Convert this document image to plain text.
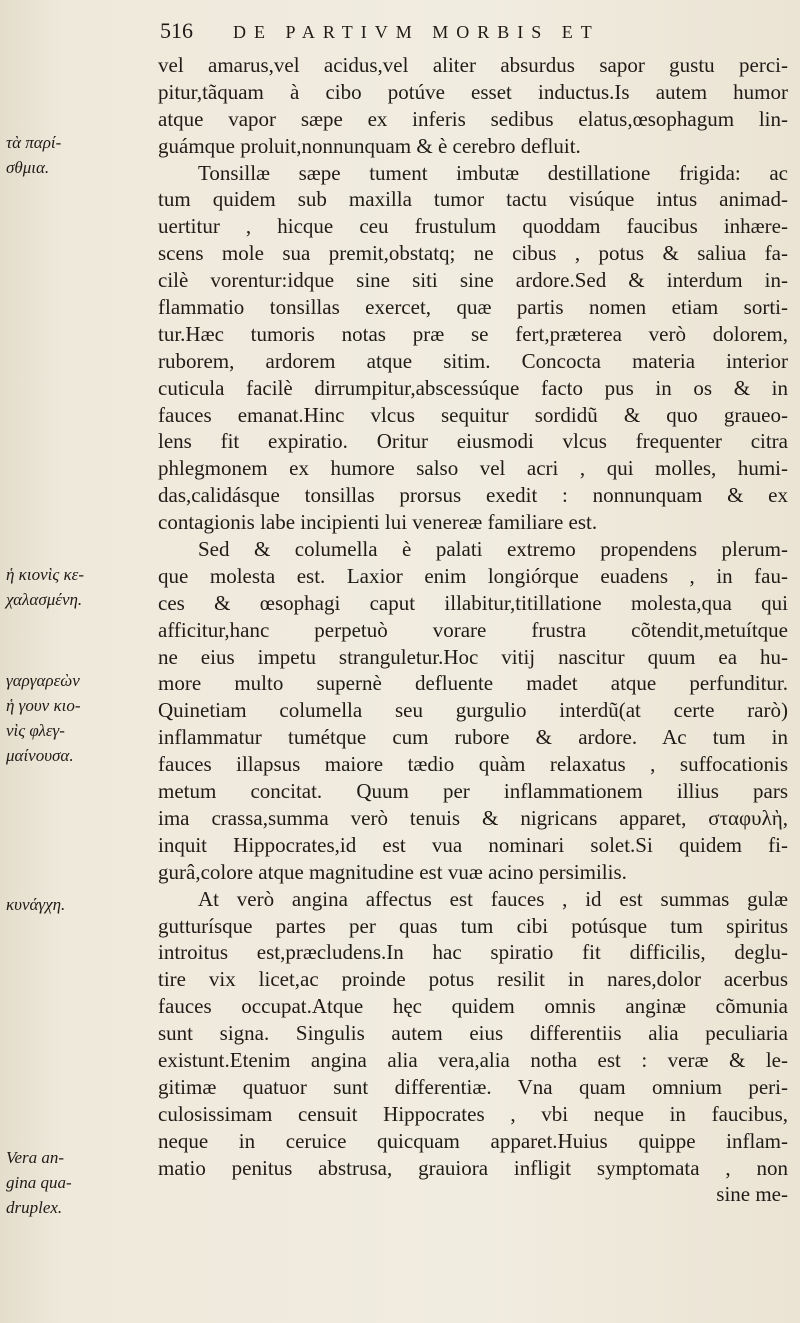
516 DE PARTIVM MORBIS ET
τὰ παρί-
σθμια.
ἡ κιονὶς κε-
χαλασμένη.
γαργαρεὼν
ἡ γουν κιο-
νὶς φλεγ-
μαίνουσα.
κυνάγχη.
Vera an-
gina qua-
druplex.
vel amarus,vel acidus,vel aliter absurdus sapor gustu perci-
pitur,tãquam à cibo potúve esset inductus.Is autem humor
atque vapor sæpe ex inferis sedibus elatus,œsophagum lin-
guámque proluit,nonnunquam & è cerebro defluit.
Tonsillæ sæpe tument imbutæ destillatione frigida: ac
tum quidem sub maxilla tumor tactu visúque intus animad-
uertitur , hicque ceu frustulum quoddam faucibus inhære-
scens mole sua premit,obstatq; ne cibus , potus & saliua fa-
cilè vorentur:idque sine siti sine ardore.Sed & interdum in-
flammatio tonsillas exercet, quæ partis nomen etiam sorti-
tur.Hæc tumoris notas præ se fert,præterea verò dolorem,
ruborem, ardorem atque sitim. Concocta materia interior
cuticula facilè dirrumpitur,abscessúque facto pus in os & in
fauces emanat.Hinc vlcus sequitur sordidũ & quo graueo-
lens fit expiratio. Oritur eiusmodi vlcus frequenter citra
phlegmonem ex humore salso vel acri , qui molles, humi-
das,calidásque tonsillas prorsus exedit : nonnunquam & ex
contagionis labe incipienti lui venereæ familiare est.
Sed & columella è palati extremo propendens plerum-
que molesta est. Laxior enim longiórque euadens , in fau-
ces & œsophagi caput illabitur,titillatione molesta,qua qui
afficitur,hanc perpetuò vorare frustra cõtendit,metuítque
ne eius impetu stranguletur.Hoc vitij nascitur quum ea hu-
more multo supernè defluente madet atque perfunditur.
Quinetiam columella seu gurgulio interdũ(at certe rarò)
inflammatur tumétque cum rubore & ardore. Ac tum in
fauces illapsus maiore tædio quàm relaxatus , suffocationis
metum concitat. Quum per inflammationem illius pars
ima crassa,summa verò tenuis & nigricans apparet, σταφυλὴ,
inquit Hippocrates,id est vua nominari solet.Si quidem fi-
gurâ,colore atque magnitudine est vuæ acino persimilis.
At verò angina affectus est fauces , id est summas gulæ
gutturísque partes per quas tum cibi potúsque tum spiritus
introitus est,præcludens.In hac spiratio fit difficilis, deglu-
tire vix licet,ac proinde potus resilit in nares,dolor acerbus
fauces occupat.Atque hęc quidem omnis anginæ cõmunia
sunt signa. Singulis autem eius differentiis alia peculiaria
existunt.Etenim angina alia vera,alia notha est : veræ & le-
gitimæ quatuor sunt differentiæ. Vna quam omnium peri-
culosissimam censuit Hippocrates , vbi neque in faucibus,
neque in ceruice quicquam apparet.Huius quippe inflam-
matio penitus abstrusa, grauiora infligit symptomata , non
sine me-
